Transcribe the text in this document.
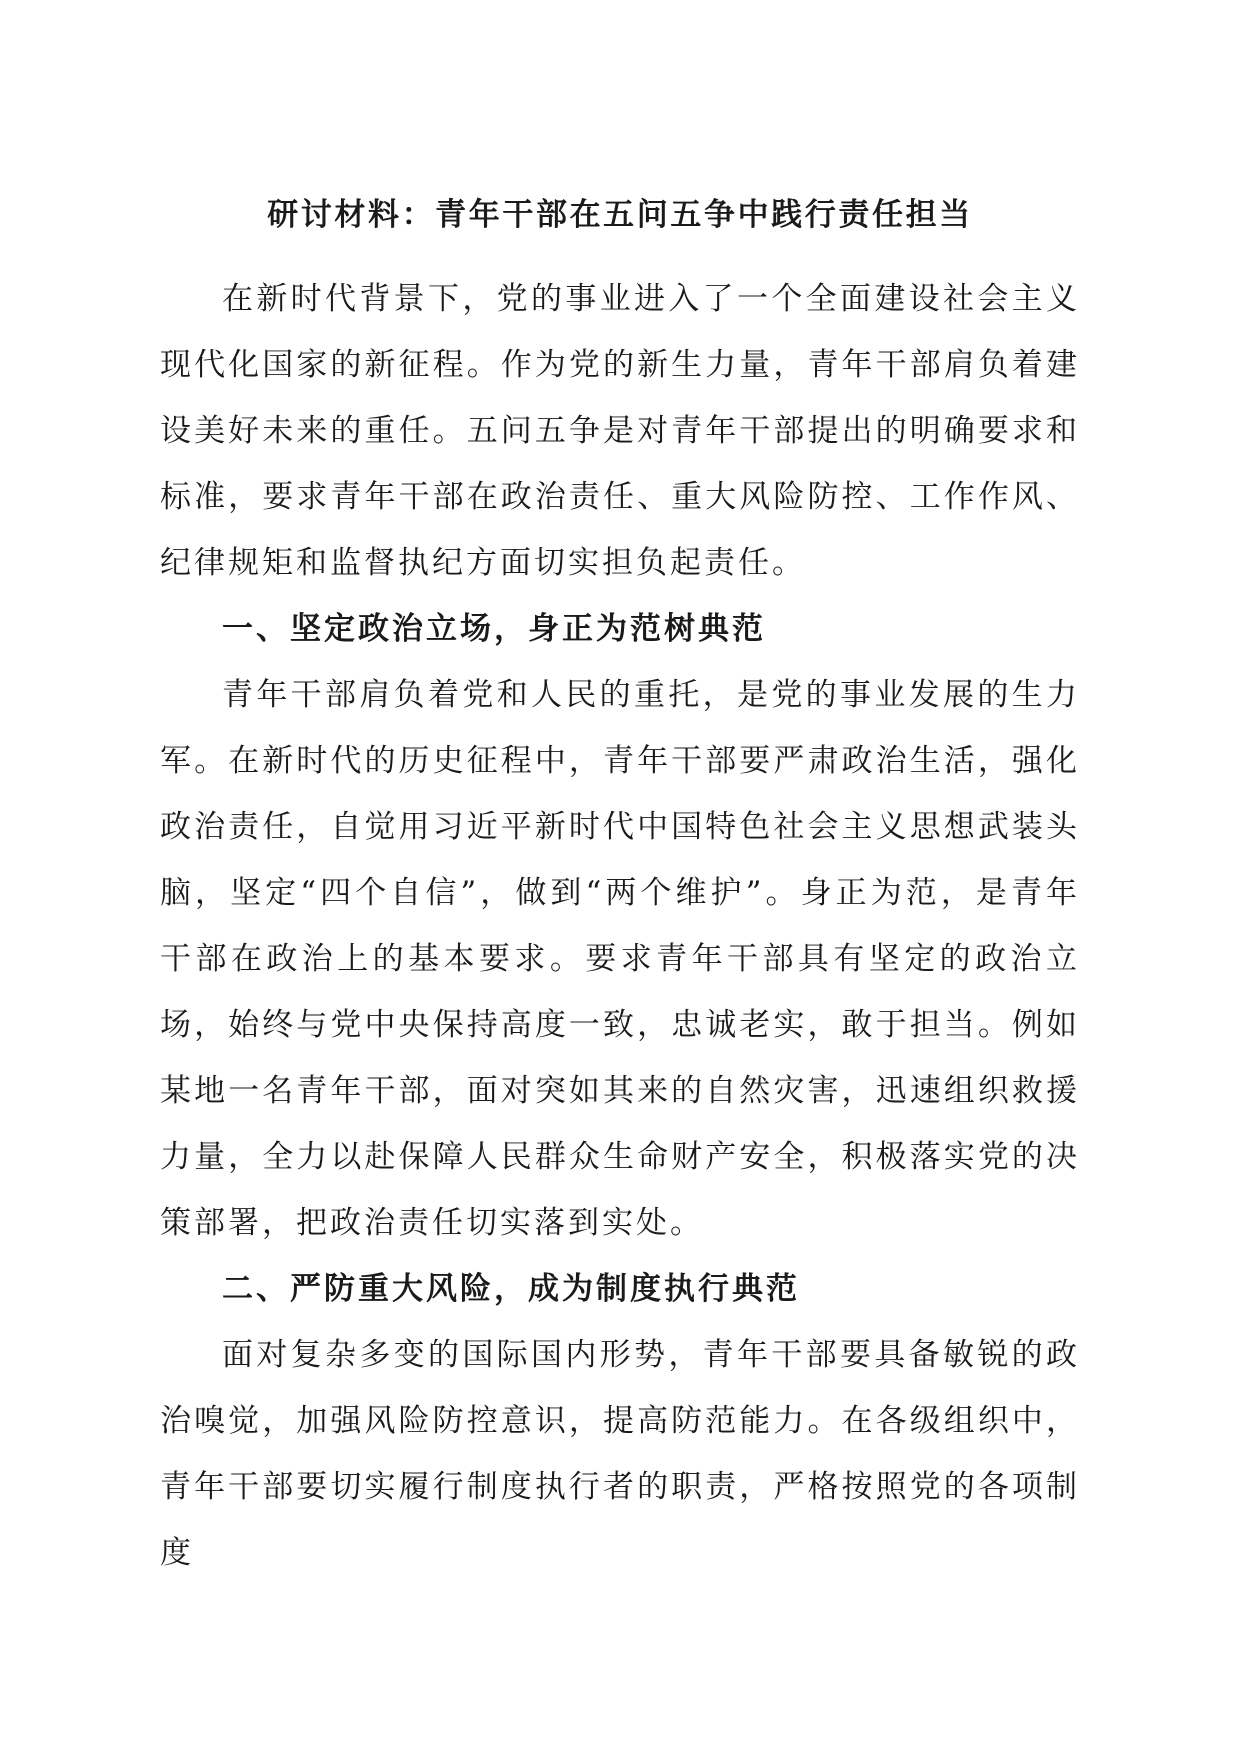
研讨材料：青年干部在五问五争中践行责任担当

在新时代背景下，党的事业进入了一个全面建设社会主义现代化国家的新征程。作为党的新生力量，青年干部肩负着建设美好未来的重任。五问五争是对青年干部提出的明确要求和标准，要求青年干部在政治责任、重大风险防控、工作作风、纪律规矩和监督执纪方面切实担负起责任。

一、坚定政治立场，身正为范树典范

青年干部肩负着党和人民的重托，是党的事业发展的生力军。在新时代的历史征程中，青年干部要严肃政治生活，强化政治责任，自觉用习近平新时代中国特色社会主义思想武装头脑，坚定“四个自信”，做到“两个维护”。身正为范，是青年干部在政治上的基本要求。要求青年干部具有坚定的政治立场，始终与党中央保持高度一致，忠诚老实，敢于担当。例如某地一名青年干部，面对突如其来的自然灾害，迅速组织救援力量，全力以赴保障人民群众生命财产安全，积极落实党的决策部署，把政治责任切实落到实处。

二、严防重大风险，成为制度执行典范

面对复杂多变的国际国内形势，青年干部要具备敏锐的政治嗅觉，加强风险防控意识，提高防范能力。在各级组织中，青年干部要切实履行制度执行者的职责，严格按照党的各项制度
